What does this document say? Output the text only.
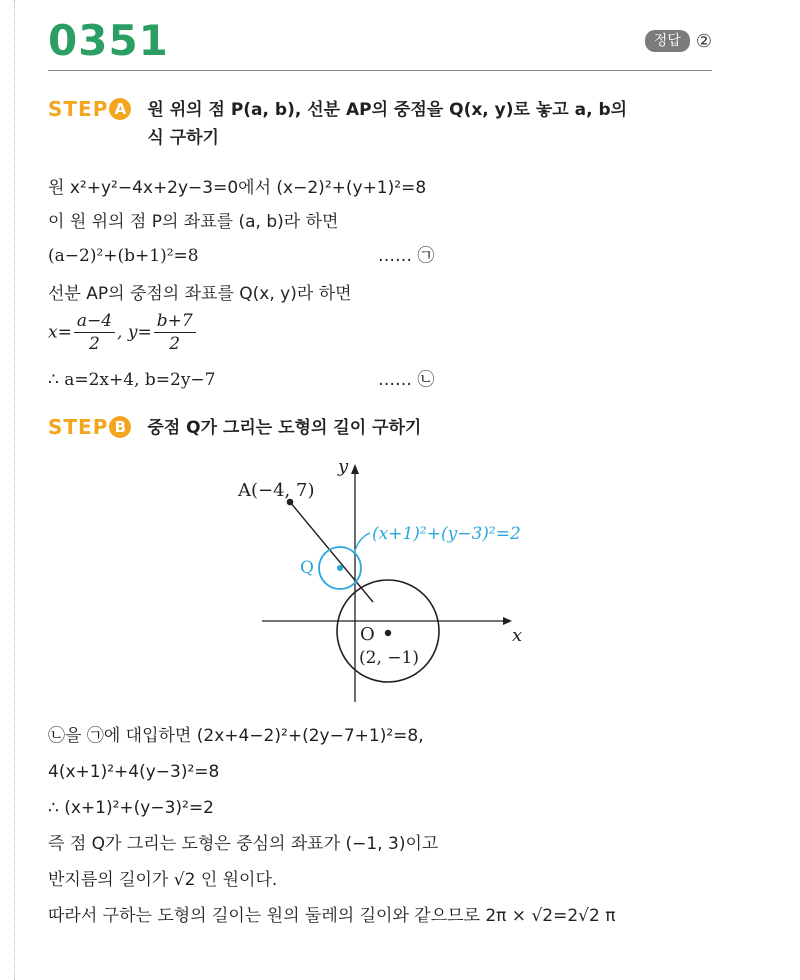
0351	정답 ②
STEP A	원 위의 점 P(a, b), 선분 AP의 중점을 Q(x, y)로 놓고 a, b의
식 구하기
원 x²+y²−4x+2y−3=0에서 (x−2)²+(y+1)²=8
이 원 위의 점 P의 좌표를 (a, b)라 하면
(a−2)²+(b+1)²=8	…… ㉠
선분 AP의 중점의 좌표를 Q(x, y)라 하면
$x= \frac{a-4}{2}$ , $y= \frac{b+7}{2}$
∴ a=2x+4, b=2y−7	…… ㉡
STEP B	중점 Q가 그리는 도형의 길이 구하기
x
y
O
(2, −1)
A(−4, 7)
Q
(x+1)²+(y−3)²=2
㉡을 ㉠에 대입하면 (2x+4−2)²+(2y−7+1)²=8,
4(x+1)²+4(y−3)²=8
∴ (x+1)²+(y−3)²=2
즉 점 Q가 그리는 도형은 중심의 좌표가 (−1, 3)이고
반지름의 길이가 √2 인 원이다.
따라서 구하는 도형의 길이는 원의 둘레의 길이와 같으므로 2π × √2=2√2 π
